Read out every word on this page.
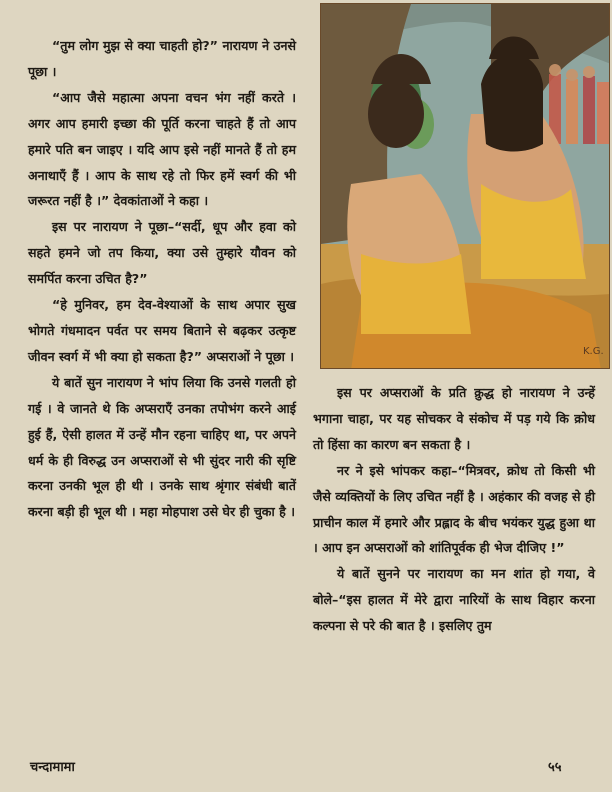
“तुम लोग मुझ से क्या चाहती हो?” नारायण ने उनसे पूछा ।

“आप जैसे महात्मा अपना वचन भंग नहीं करते । अगर आप हमारी इच्छा की पूर्ति करना चाहते हैं तो आप हमारे पति बन जाइए । यदि आप इसे नहीं मानते हैं तो हम अनाथाएँ हैं । आप के साथ रहे तो फिर हमें स्वर्ग की भी जरूरत नहीं है ।” देवकांताओं ने कहा ।

इस पर नारायण ने पूछा–“सर्दी, धूप और हवा को सहते हमने जो तप किया, क्या उसे तुम्हारे यौवन को समर्पित करना उचित है?”

“हे मुनिवर, हम देव-वेश्याओं के साथ अपार सुख भोगते गंधमादन पर्वत पर समय बिताने से बढ़कर उत्कृष्ट जीवन स्वर्ग में भी क्या हो सकता है?” अप्सराओं ने पूछा ।

ये बातें सुन नारायण ने भांप लिया कि उनसे गलती हो गई । वे जानते थे कि अप्सराएँ उनका तपोभंग करने आई हुई हैं, ऐसी हालत में उन्हें मौन रहना चाहिए था, पर अपने धर्म के ही विरुद्ध उन अप्सराओं से भी सुंदर नारी की सृष्टि करना उनकी भूल ही थी । उनके साथ श्रृंगार संबंधी बातें करना बड़ी ही भूल थी । महा मोहपाश उसे घेर ही चुका है ।

K.G.

इस पर अप्सराओं के प्रति क्रुद्ध हो नारायण ने उन्हें भगाना चाहा, पर यह सोचकर वे संकोच में पड़ गये कि क्रोध तो हिंसा का कारण बन सकता है ।

नर ने इसे भांपकर कहा–“मित्रवर, क्रोध तो किसी भी जैसे व्यक्तियों के लिए उचित नहीं है । अहंकार की वजह से ही प्राचीन काल में हमारे और प्रह्लाद के बीच भयंकर युद्ध हुआ था । आप इन अप्सराओं को शांतिपूर्वक ही भेज दीजिए !”

ये बातें सुनने पर नारायण का मन शांत हो गया, वे बोले–“इस हालत में मेरे द्वारा नारियों के साथ विहार करना कल्पना से परे की बात है । इसलिए तुम

चन्दामामा	५५
